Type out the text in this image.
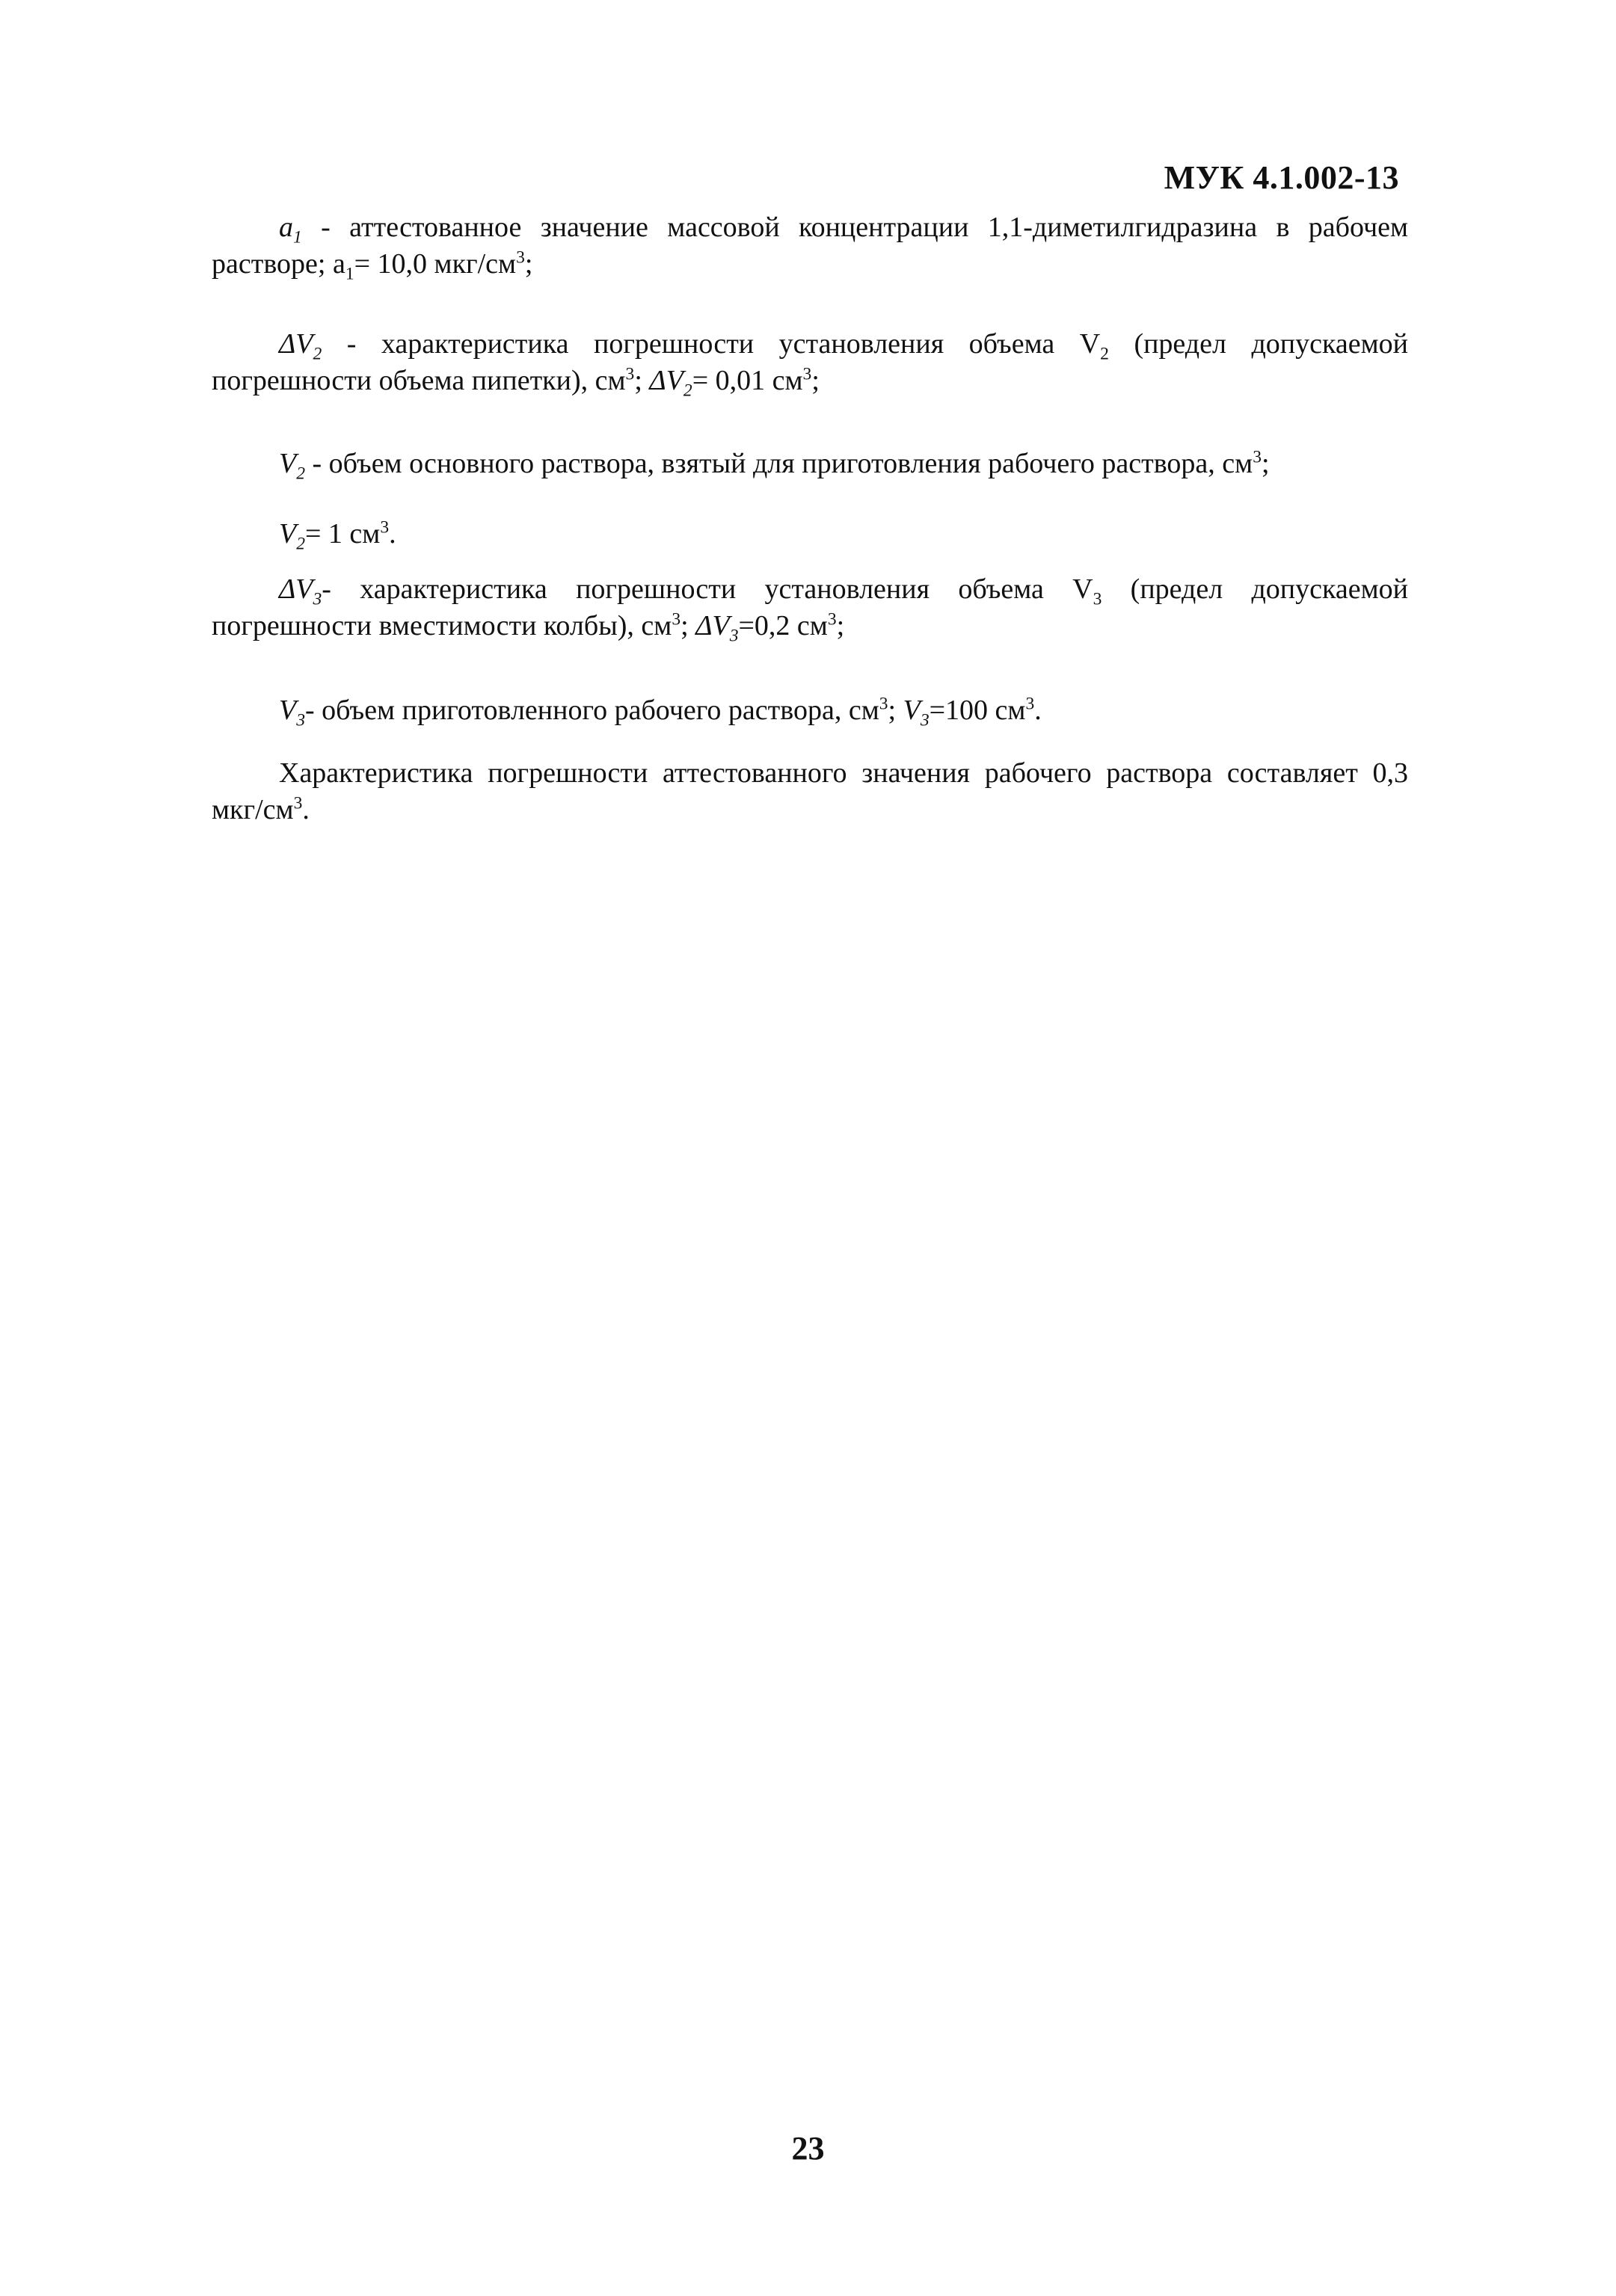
МУК 4.1.002-13

$a_1$ - аттестованное значение массовой концентрации 1,1-диметилгидразина в рабочем растворе; $a_1= 10,0$ мкг/$см^3$;

$\Delta V_2$ - характеристика погрешности установления объема $V_2$ (предел допускаемой погрешности объема пипетки), $см^3$; $\Delta V_2= 0,01$ $см^3$;

$V_2$ - объем основного раствора, взятый для приготовления рабочего раствора, $см^3$;

$V_2= 1$ $см^3$.

$\Delta V_3-$ характеристика погрешности установления объема $V_3$ (предел допускаемой погрешности вместимости колбы), $см^3$; $\Delta V_3=0,2$ $см^3$;

$V_3-$ объем приготовленного рабочего раствора, $см^3$; $V_3=100$ $см^3$.

Характеристика погрешности аттестованного значения рабочего раствора составляет 0,3 мкг/$см^3$.

23
